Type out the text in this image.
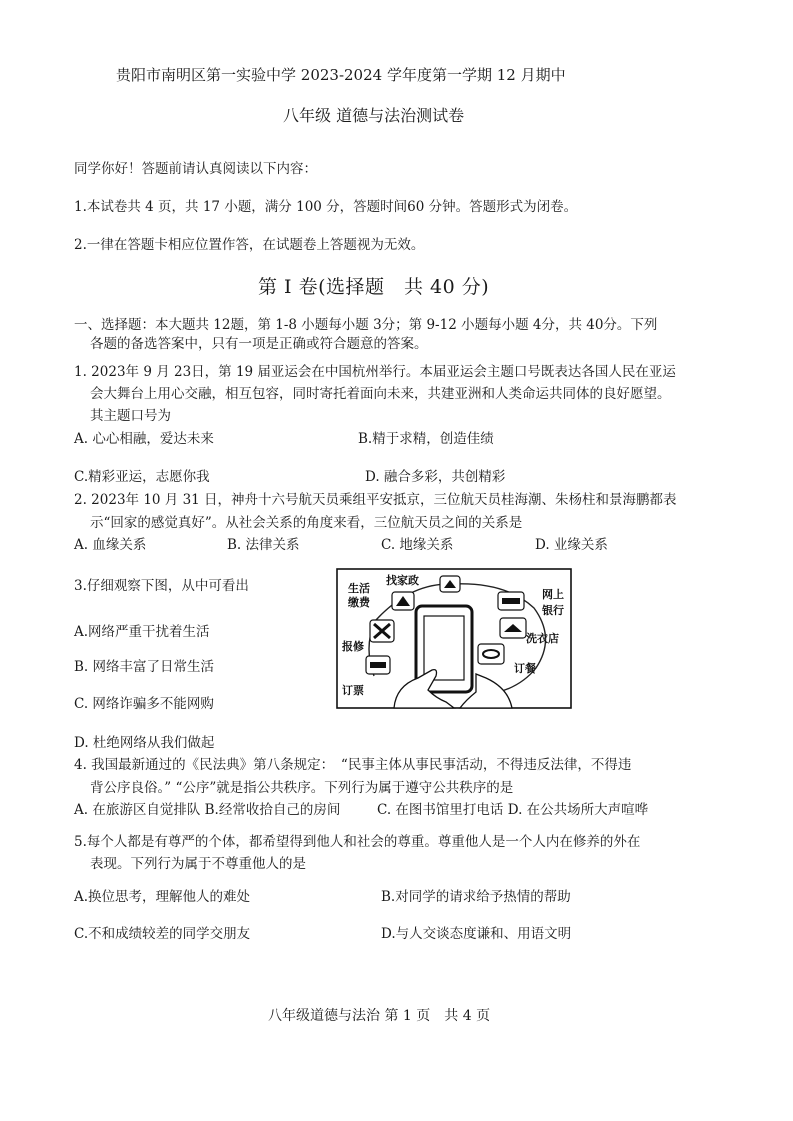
贵阳市南明区第一实验中学 2023-2024 学年度第一学期 12 月期中
八年级 道德与法治测试卷
同学你好！答题前请认真阅读以下内容：
1.本试卷共 4 页，共 17 小题，满分 100 分，答题时间60 分钟。答题形式为闭卷。
2.一律在答题卡相应位置作答，在试题卷上答题视为无效。
第 I 卷(选择题　共 40 分)
一、选择题：本大题共 12题，第 1-8 小题每小题 3分；第 9-12 小题每小题 4分，共 40分。下列
各题的备选答案中，只有一项是正确或符合题意的答案。
1. 2023年 9 月 23日，第 19 届亚运会在中国杭州举行。本届亚运会主题口号既表达各国人民在亚运
会大舞台上用心交融，相互包容，同时寄托着面向未来，共建亚洲和人类命运共同体的良好愿望。
其主题口号为
A. 心心相融，爱达未来	B.精于求精，创造佳绩
C.精彩亚运，志愿你我	D. 融合多彩，共创精彩
2. 2023年 10 月 31 日，神舟十六号航天员乘组平安抵京，三位航天员桂海潮、朱杨柱和景海鹏都表
示“回家的感觉真好”。从社会关系的角度来看，三位航天员之间的关系是
A. 血缘关系	B. 法律关系	C. 地缘关系	D. 业缘关系
3.仔细观察下图，从中可看出
A.网络严重干扰着生活
B. 网络丰富了日常生活
C. 网络诈骗多不能网购
D. 杜绝网络从我们做起
找家政
生活
缴费
报修
订票
网上
银行
洗衣店
订餐
4. 我国最新通过的《民法典》第八条规定：　“民事主体从事民事活动，不得违反法律，不得违
背公序良俗。” “公序”就是指公共秩序。下列行为属于遵守公共秩序的是
A. 在旅游区自觉排队 B.经常收拾自己的房间	C. 在图书馆里打电话 D. 在公共场所大声喧哗
5.每个人都是有尊严的个体，都希望得到他人和社会的尊重。尊重他人是一个人内在修养的外在
表现。下列行为属于不尊重他人的是
A.换位思考，理解他人的难处	B.对同学的请求给予热情的帮助
C.不和成绩较差的同学交朋友	D.与人交谈态度谦和、用语文明
八年级道德与法治 第 1 页　共 4 页
